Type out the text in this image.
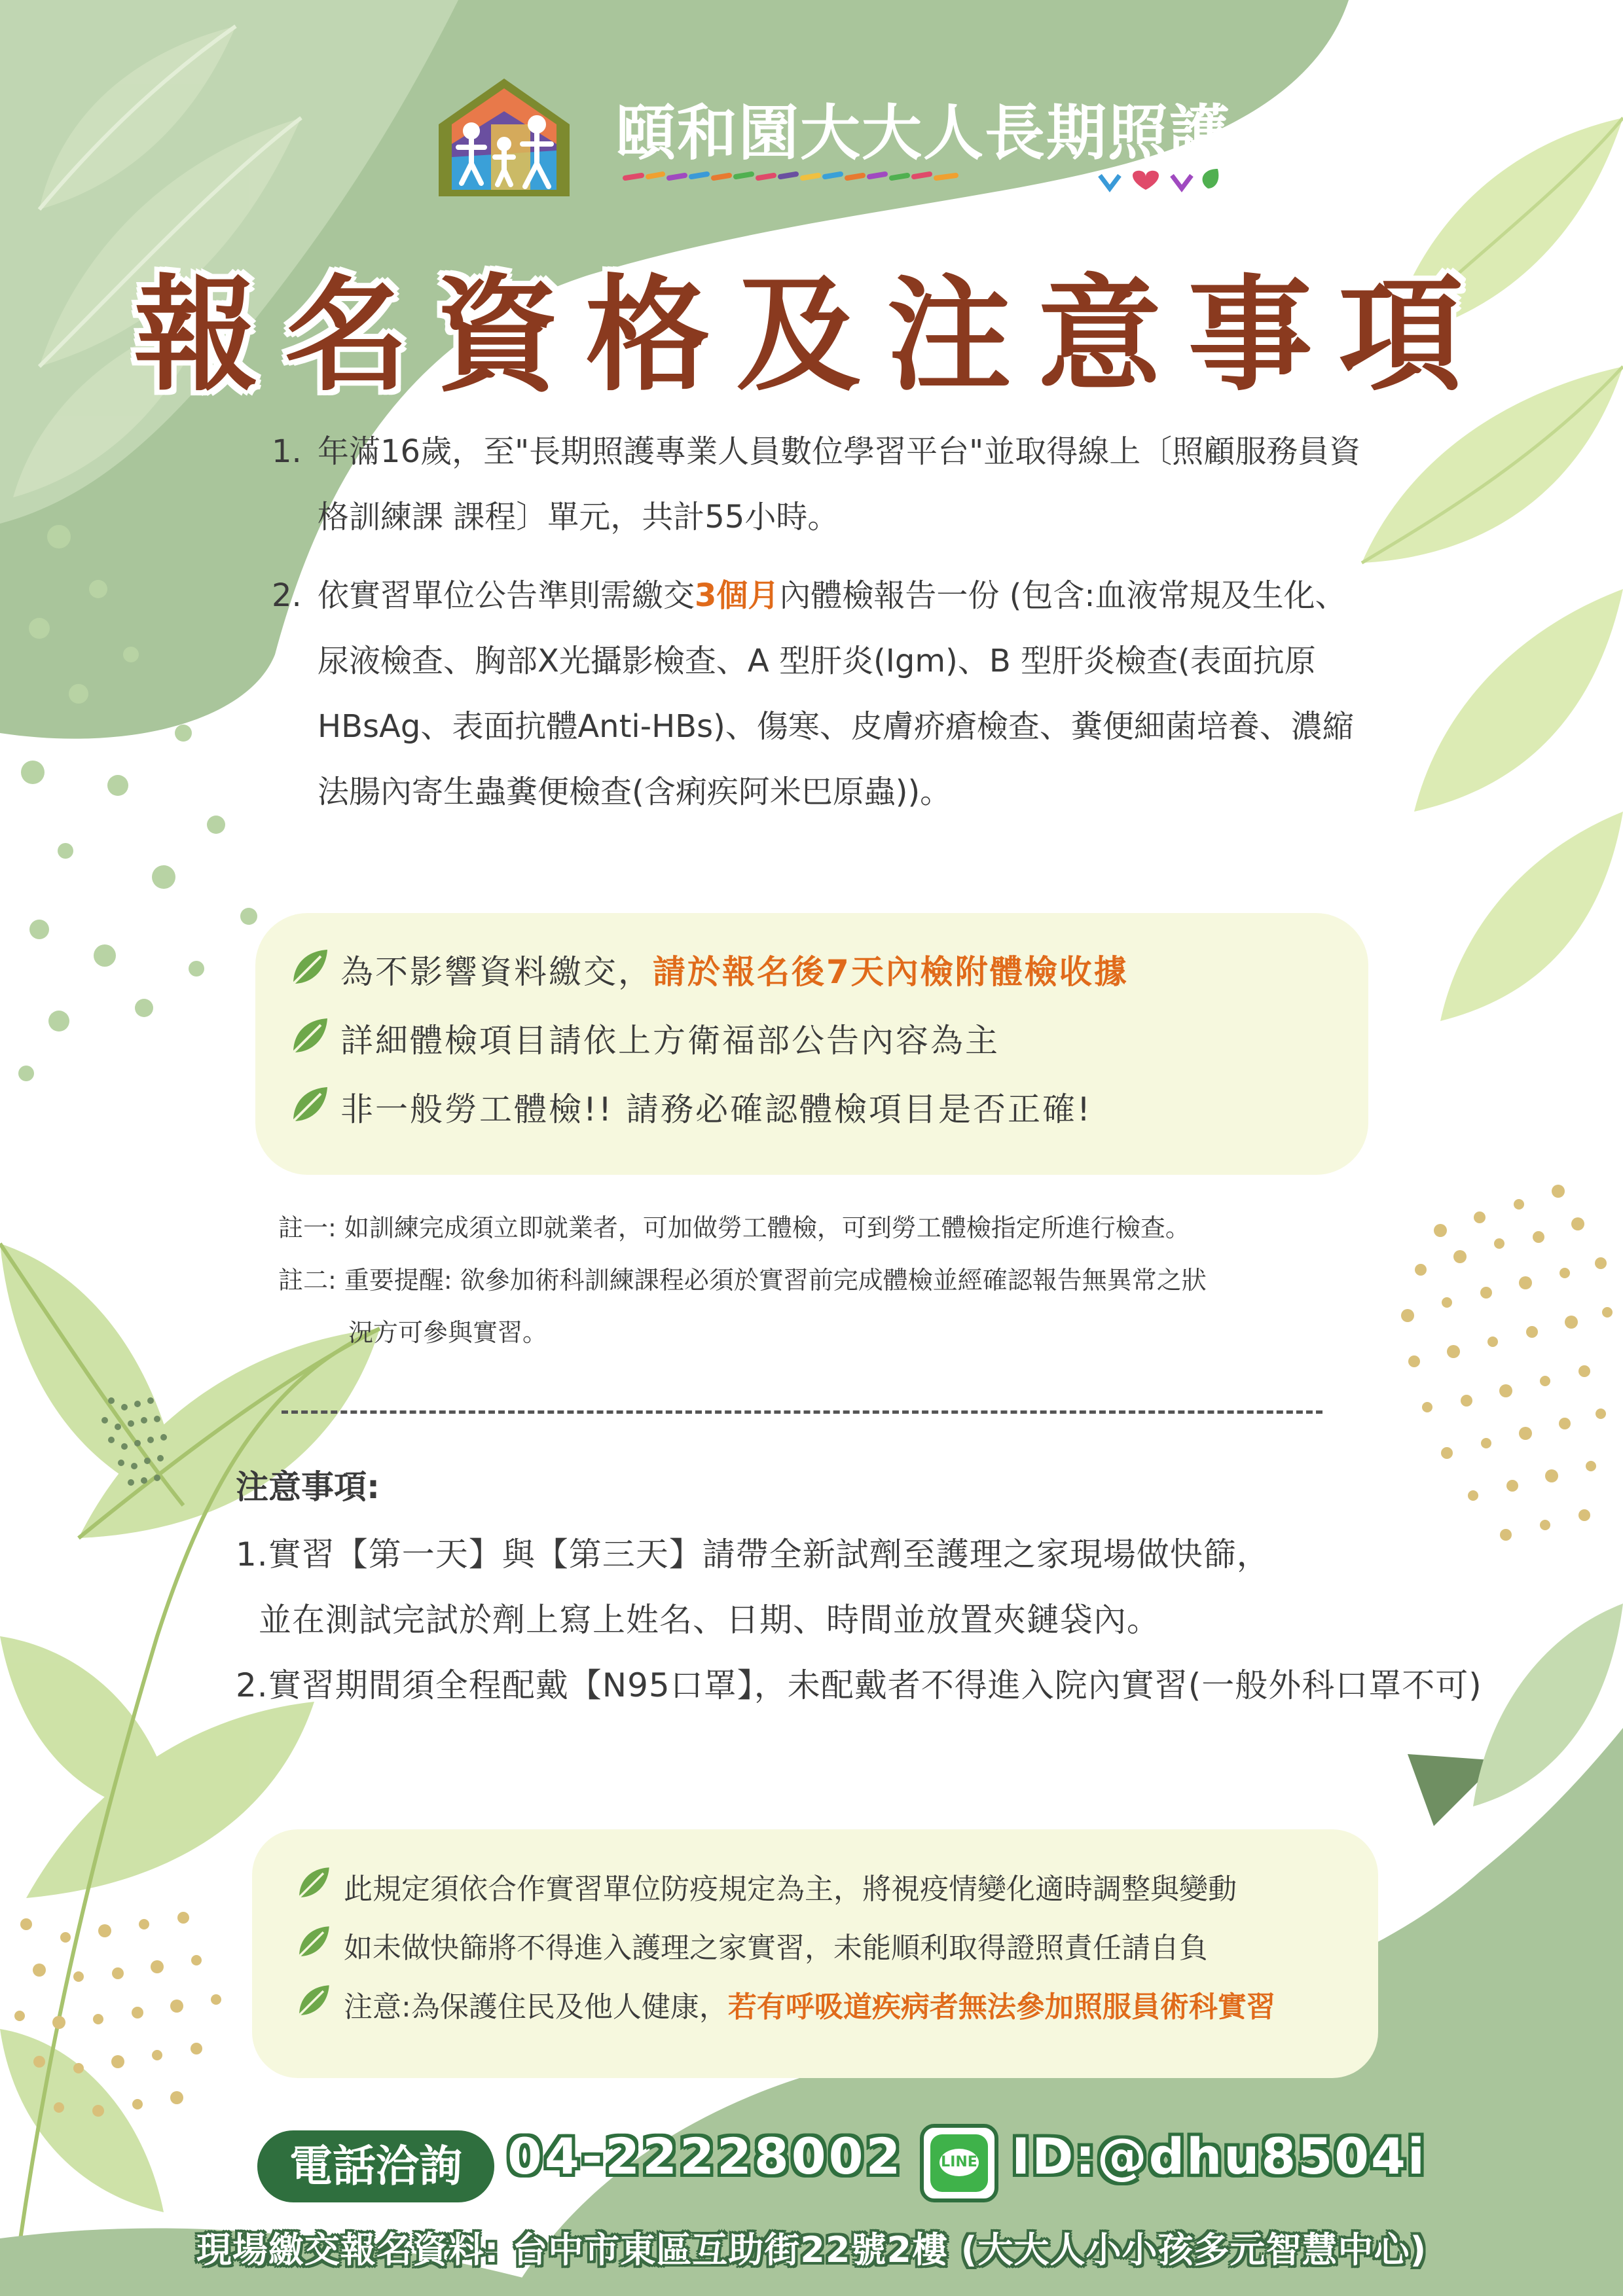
頤和園大大人長期照護
報名資格及注意事項
1. 年滿16歲，至"長期照護專業人員數位學習平台"並取得線上〔照顧服務員資格訓練課 課程〕單元，共計55小時。
2. 依實習單位公告準則需繳交3個月內體檢報告一份 (包含:血液常規及生化、尿液檢查、胸部X光攝影檢查、A 型肝炎(Igm)、B 型肝炎檢查(表面抗原HBsAg、表面抗體Anti-HBs)、傷寒、皮膚疥瘡檢查、糞便細菌培養、濃縮法腸內寄生蟲糞便檢查(含痢疾阿米巴原蟲))。
為不影響資料繳交，請於報名後7天內檢附體檢收據
詳細體檢項目請依上方衛福部公告內容為主
非一般勞工體檢!! 請務必確認體檢項目是否正確!
註一: 如訓練完成須立即就業者，可加做勞工體檢，可到勞工體檢指定所進行檢查。
註二: 重要提醒: 欲參加術科訓練課程必須於實習前完成體檢並經確認報告無異常之狀
況方可參與實習。
注意事項:
1.實習【第一天】與【第三天】請帶全新試劑至護理之家現場做快篩，
並在測試完試於劑上寫上姓名、日期、時間並放置夾鏈袋內。
2.實習期間須全程配戴【N95口罩】，未配戴者不得進入院內實習(一般外科口罩不可)
此規定須依合作實習單位防疫規定為主，將視疫情變化適時調整與變動
如未做快篩將不得進入護理之家實習，未能順利取得證照責任請自負
注意:為保護住民及他人健康，若有呼吸道疾病者無法參加照服員術科實習
電話洽詢 04-22228002	LINE ID:@dhu8504i
現場繳交報名資料: 台中市東區互助街22號2樓 (大大人小小孩多元智慧中心)
